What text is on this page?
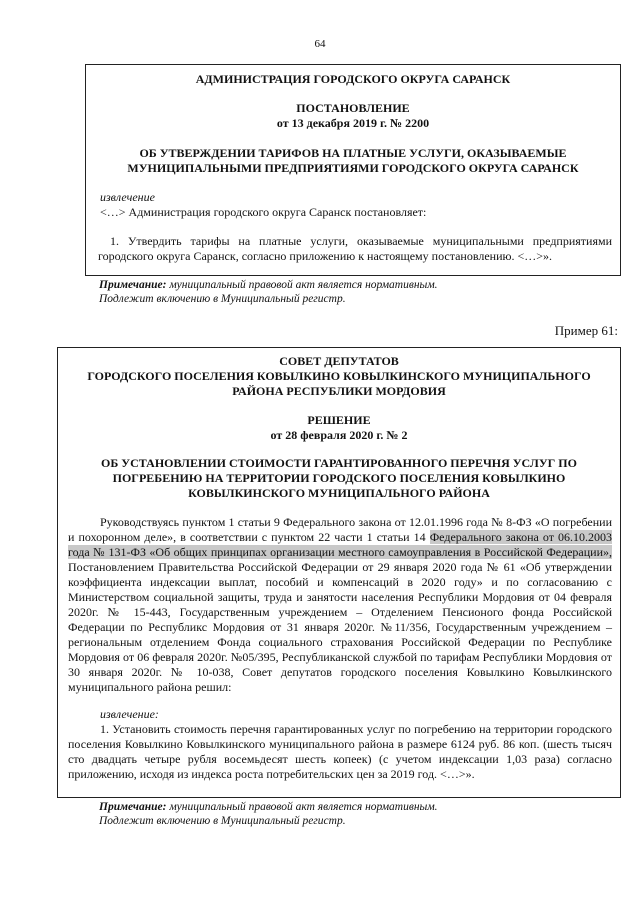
64

АДМИНИСТРАЦИЯ ГОРОДСКОГО ОКРУГА САРАНСК

ПОСТАНОВЛЕНИЕ

от 13 декабря 2019 г. № 2200

ОБ УТВЕРЖДЕНИИ ТАРИФОВ НА ПЛАТНЫЕ УСЛУГИ, ОКАЗЫВАЕМЫЕ

МУНИЦИПАЛЬНЫМИ ПРЕДПРИЯТИЯМИ ГОРОДСКОГО ОКРУГА САРАНСК

извлечение

<…> Администрация городского округа Саранск постановляет:

1. Утвердить тарифы на платные услуги, оказываемые муниципальными предприятиями городского округа Саранск, согласно приложению к настоящему постановлению. <…>».

Примечание: муниципальный правовой акт является нормативным.
Подлежит включению в Муниципальный регистр.
Пример 61:

СОВЕТ ДЕПУТАТОВ

ГОРОДСКОГО ПОСЕЛЕНИЯ КОВЫЛКИНО КОВЫЛКИНСКОГО МУНИЦИПАЛЬНОГО

РАЙОНА РЕСПУБЛИКИ МОРДОВИЯ

РЕШЕНИЕ

от 28 февраля 2020 г. № 2

ОБ УСТАНОВЛЕНИИ СТОИМОСТИ ГАРАНТИРОВАННОГО ПЕРЕЧНЯ УСЛУГ ПО

ПОГРЕБЕНИЮ НА ТЕРРИТОРИИ ГОРОДСКОГО ПОСЕЛЕНИЯ КОВЫЛКИНО

КОВЫЛКИНСКОГО МУНИЦИПАЛЬНОГО РАЙОНА

Руководствуясь пунктом 1 статьи 9 Федерального закона от 12.01.1996 года № 8-ФЗ «О погребении и похоронном деле», в соответствии с пунктом 22 части 1 статьи 14 Федерального закона от 06.10.2003 года № 131-ФЗ «Об общих принципах организации местного самоуправления в Российской Федерации», Постановлением Правительства Российской Федерации от 29 января 2020 года № 61 «Об утверждении коэффициента индексации выплат, пособий и компенсаций в 2020 году» и по согласованию с Министерством социальной защиты, труда и занятости населения Республики Мордовия от 04 февраля 2020г. № 15-443, Государственным учреждением – Отделением Пенсионого фонда Российской Федерации по Республикс Мордовия от 31 января 2020г. №11/356, Государственным учреждением – региональным отделением Фонда социального страхования Российской Федерации по Республике Мордовия от 06 февраля 2020г. №05/395, Республиканской службой по тарифам Республики Мордовия от 30 января 2020г. № 10-038, Совет депутатов городского поселения Ковылкино Ковылкинского муниципального района решил:

извлечение:

1. Установить стоимость перечня гарантированных услуг по погребению на территории городского поселения Ковылкино Ковылкинского муниципального района в размере 6124 руб. 86 коп. (шесть тысяч сто двадцать четыре рубля восемьдесят шесть копеек) (с учетом индексации 1,03 раза) согласно приложению, исходя из индекса роста потребительских цен за 2019 год. <…>».

Примечание: муниципальный правовой акт является нормативным.
Подлежит включению в Муниципальный регистр.
